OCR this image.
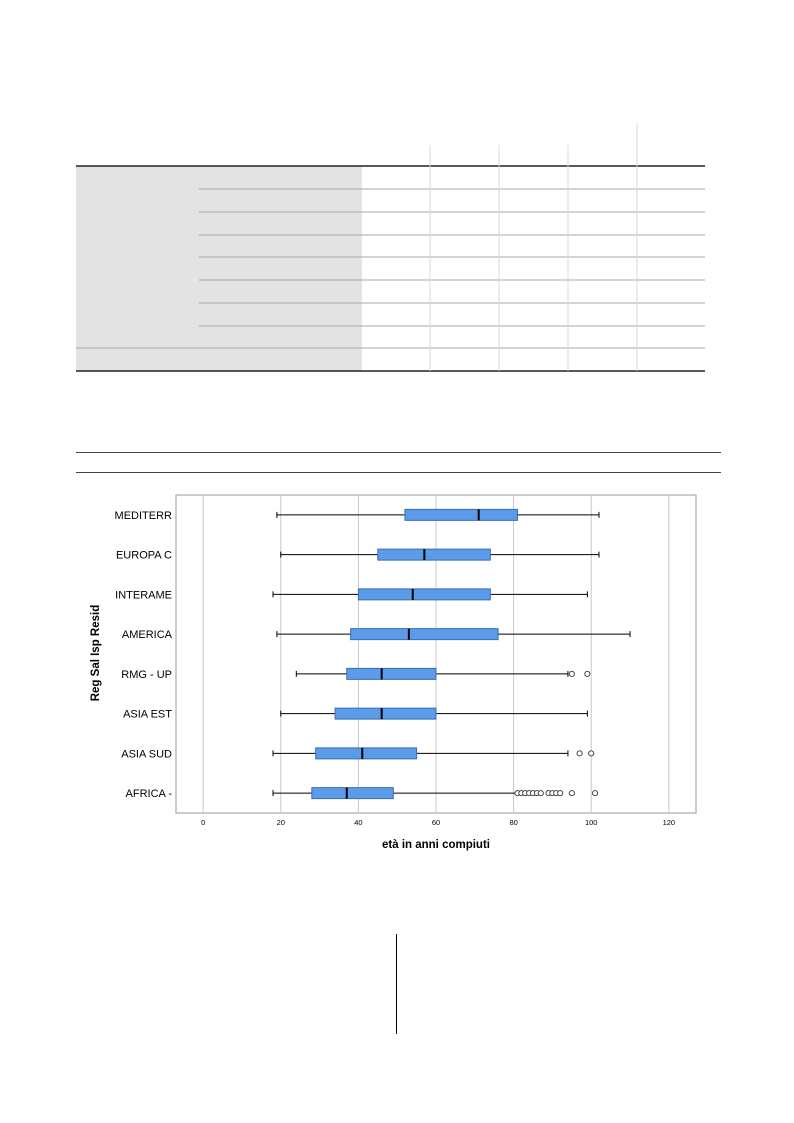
0	20	40	60	80	100	120
MEDITERR
EUROPA C
INTERAME
AMERICA
RMG - UP
ASIA EST
ASIA SUD
AFRICA -
età in anni compiuti
Reg Sal Isp Resid
